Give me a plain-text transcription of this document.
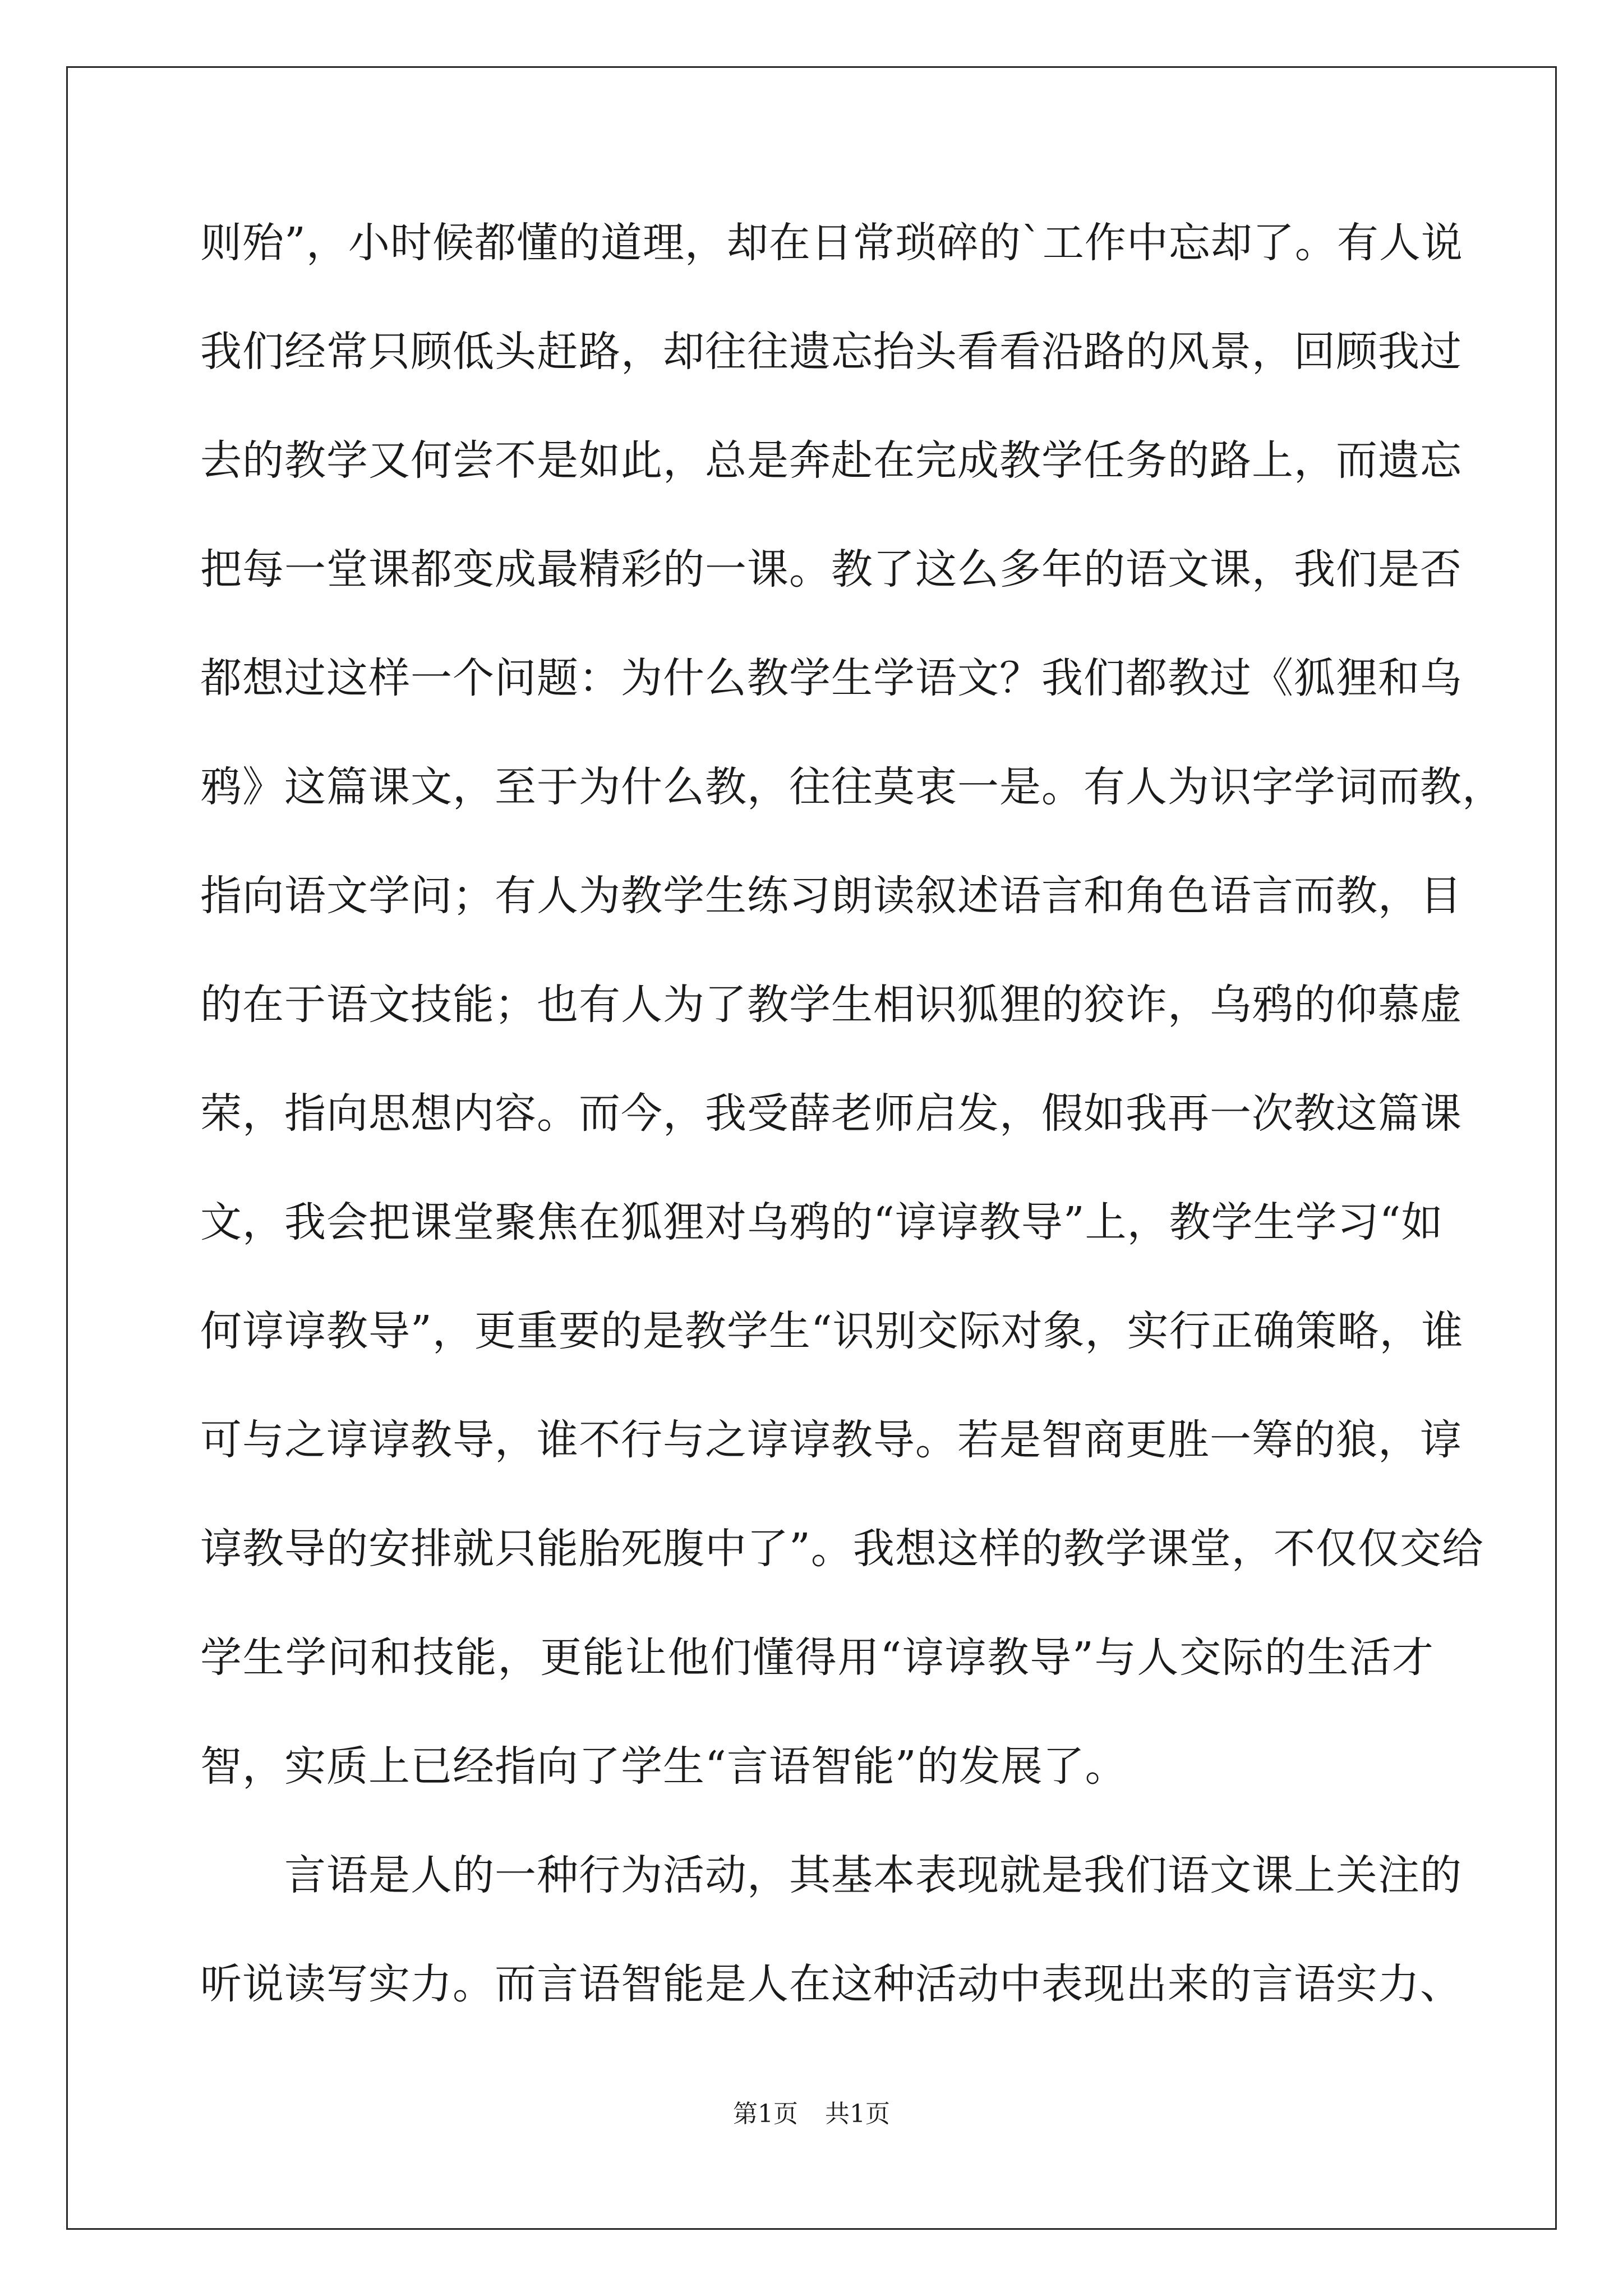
则殆”，小时候都懂的道理，却在日常琐碎的`工作中忘却了。有人说
我们经常只顾低头赶路，却往往遗忘抬头看看沿路的风景，回顾我过
去的教学又何尝不是如此，总是奔赴在完成教学任务的路上，而遗忘
把每一堂课都变成最精彩的一课。教了这么多年的语文课，我们是否
都想过这样一个问题：为什么教学生学语文？我们都教过《狐狸和乌
鸦》这篇课文，至于为什么教，往往莫衷一是。有人为识字学词而教，
指向语文学问；有人为教学生练习朗读叙述语言和角色语言而教，目
的在于语文技能；也有人为了教学生相识狐狸的狡诈，乌鸦的仰慕虚
荣，指向思想内容。而今，我受薛老师启发，假如我再一次教这篇课
文，我会把课堂聚焦在狐狸对乌鸦的“谆谆教导”上，教学生学习“如
何谆谆教导”，更重要的是教学生“识别交际对象，实行正确策略，谁
可与之谆谆教导，谁不行与之谆谆教导。若是智商更胜一筹的狼，谆
谆教导的安排就只能胎死腹中了”。我想这样的教学课堂，不仅仅交给
学生学问和技能，更能让他们懂得用“谆谆教导”与人交际的生活才
智，实质上已经指向了学生“言语智能”的发展了。
言语是人的一种行为活动，其基本表现就是我们语文课上关注的
听说读写实力。而言语智能是人在这种活动中表现出来的言语实力、
第1页 共1页
